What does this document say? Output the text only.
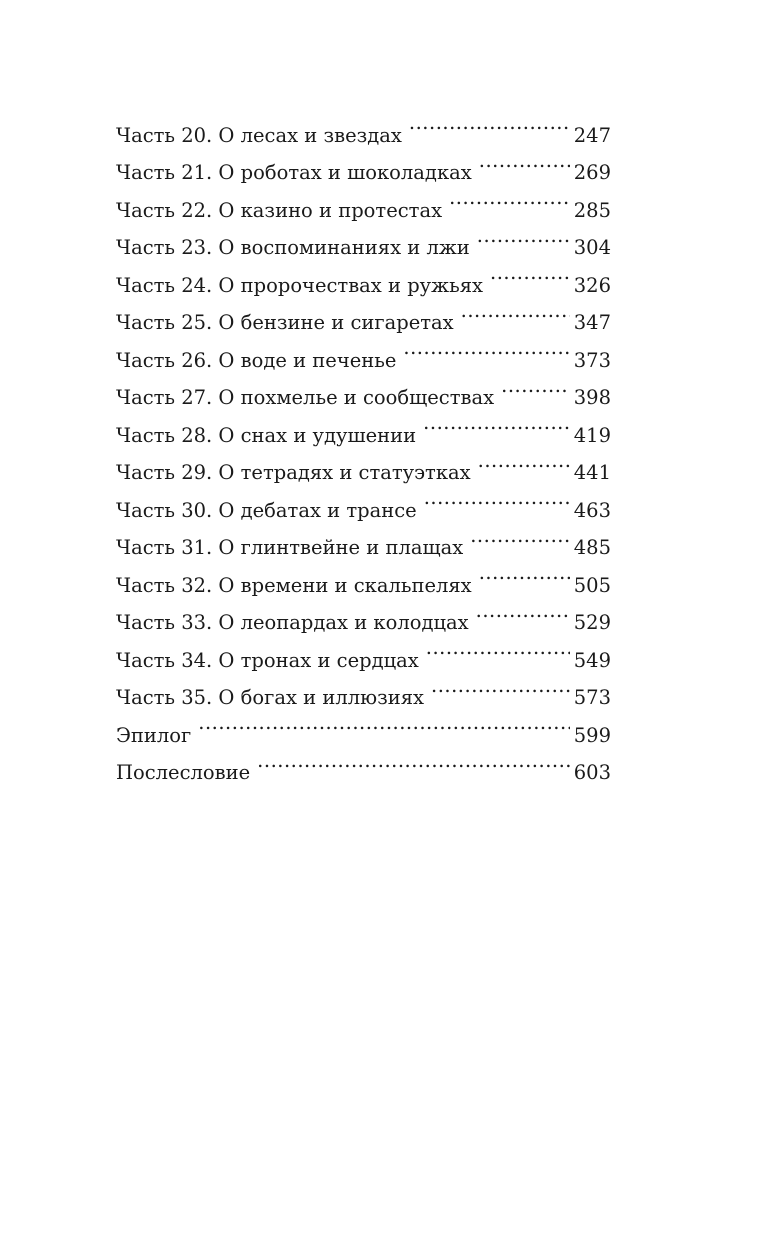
Часть 20. О лесах и звездах .....	247
Часть 21. О роботах и шоколадках .....	269
Часть 22. О казино и протестах .....	285
Часть 23. О воспоминаниях и лжи .....	304
Часть 24. О пророчествах и ружьях .....	326
Часть 25. О бензине и сигаретах .....	347
Часть 26. О воде и печенье .....	373
Часть 27. О похмелье и сообществах .....	398
Часть 28. О снах и удушении .....	419
Часть 29. О тетрадях и статуэтках .....	441
Часть 30. О дебатах и трансе .....	463
Часть 31. О глинтвейне и плащах .....	485
Часть 32. О времени и скальпелях .....	505
Часть 33. О леопардах и колодцах .....	529
Часть 34. О тронах и сердцах .....	549
Часть 35. О богах и иллюзиях .....	573
Эпилог .....	599
Послесловие .....	603
